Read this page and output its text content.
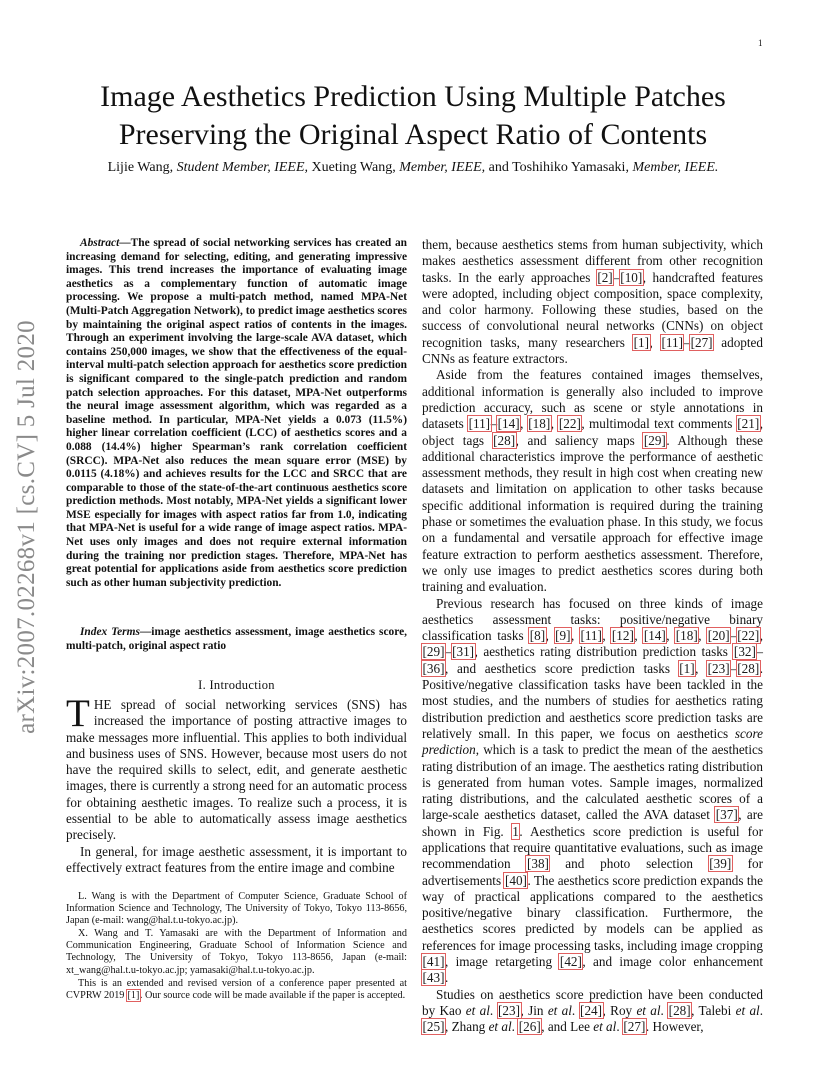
1
arXiv:2007.02268v1 [cs.CV] 5 Jul 2020
Image Aesthetics Prediction Using Multiple Patches
Preserving the Original Aspect Ratio of Contents
Lijie Wang, Student Member, IEEE, Xueting Wang, Member, IEEE, and Toshihiko Yamasaki, Member, IEEE.

Abstract—The spread of social networking services has created an increasing demand for selecting, editing, and generating impressive images. This trend increases the importance of evaluating image aesthetics as a complementary function of automatic image processing. We propose a multi-patch method, named MPA-Net (Multi-Patch Aggregation Network), to predict image aesthetics scores by maintaining the original aspect ratios of contents in the images. Through an experiment involving the large-scale AVA dataset, which contains 250,000 images, we show that the effectiveness of the equal-interval multi-patch selection approach for aesthetics score prediction is significant compared to the single-patch prediction and random patch selection approaches. For this dataset, MPA-Net outperforms the neural image assessment algorithm, which was regarded as a baseline method. In particular, MPA-Net yields a 0.073 (11.5%) higher linear correlation coefficient (LCC) of aesthetics scores and a 0.088 (14.4%) higher Spearman’s rank correlation coefficient (SRCC). MPA-Net also reduces the mean square error (MSE) by 0.0115 (4.18%) and achieves results for the LCC and SRCC that are comparable to those of the state-of-the-art continuous aesthetics score prediction methods. Most notably, MPA-Net yields a significant lower MSE especially for images with aspect ratios far from 1.0, indicating that MPA-Net is useful for a wide range of image aspect ratios. MPA-Net uses only images and does not require external information during the training nor prediction stages. Therefore, MPA-Net has great potential for applications aside from aesthetics score prediction such as other human subjectivity prediction.

Index Terms—image aesthetics assessment, image aesthetics score, multi-patch, original aspect ratio

I. Introduction

THE spread of social networking services (SNS) has increased the importance of posting attractive images to make messages more influential. This applies to both individual and business uses of SNS. However, because most users do not have the required skills to select, edit, and generate aesthetic images, there is currently a strong need for an automatic process for obtaining aesthetic images. To realize such a process, it is essential to be able to automatically assess image aesthetics precisely.

In general, for image aesthetic assessment, it is important to effectively extract features from the entire image and combine

L. Wang is with the Department of Computer Science, Graduate School of Information Science and Technology, The University of Tokyo, Tokyo 113-8656, Japan (e-mail: wang@hal.t.u-tokyo.ac.jp).

X. Wang and T. Yamasaki are with the Department of Information and Communication Engineering, Graduate School of Information Science and Technology, The University of Tokyo, Tokyo 113-8656, Japan (e-mail: xt_wang@hal.t.u-tokyo.ac.jp; yamasaki@hal.t.u-tokyo.ac.jp.

This is an extended and revised version of a conference paper presented at CVPRW 2019 [1]. Our source code will be made available if the paper is accepted.

them, because aesthetics stems from human subjectivity, which makes aesthetics assessment different from other recognition tasks. In the early approaches [2]–[10], handcrafted features were adopted, including object composition, space complexity, and color harmony. Following these studies, based on the success of convolutional neural networks (CNNs) on object recognition tasks, many researchers [1], [11]–[27] adopted CNNs as feature extractors.

Aside from the features contained images themselves, additional information is generally also included to improve prediction accuracy, such as scene or style annotations in datasets [11]–[14], [18], [22], multimodal text comments [21], object tags [28], and saliency maps [29]. Although these additional characteristics improve the performance of aesthetic assessment methods, they result in high cost when creating new datasets and limitation on application to other tasks because specific additional information is required during the training phase or sometimes the evaluation phase. In this study, we focus on a fundamental and versatile approach for effective image feature extraction to perform aesthetics assessment. Therefore, we only use images to predict aesthetics scores during both training and evaluation.

Previous research has focused on three kinds of image aesthetics assessment tasks: positive/negative binary classification tasks [8], [9], [11], [12], [14], [18], [20]–[22], [29]–[31], aesthetics rating distribution prediction tasks [32]–[36], and aesthetics score prediction tasks [1], [23]–[28]. Positive/negative classification tasks have been tackled in the most studies, and the numbers of studies for aesthetics rating distribution prediction and aesthetics score prediction tasks are relatively small. In this paper, we focus on aesthetics score prediction, which is a task to predict the mean of the aesthetics rating distribution of an image. The aesthetics rating distribution is generated from human votes. Sample images, normalized rating distributions, and the calculated aesthetic scores of a large-scale aesthetics dataset, called the AVA dataset [37], are shown in Fig. 1. Aesthetics score prediction is useful for applications that require quantitative evaluations, such as image recommendation [38] and photo selection [39] for advertisements [40]. The aesthetics score prediction expands the way of practical applications compared to the aesthetics positive/negative binary classification. Furthermore, the aesthetics scores predicted by models can be applied as references for image processing tasks, including image cropping [41], image retargeting [42], and image color enhancement [43].

Studies on aesthetics score prediction have been conducted by Kao et al. [23], Jin et al. [24], Roy et al. [28], Talebi et al. [25], Zhang et al. [26], and Lee et al. [27]. However,
